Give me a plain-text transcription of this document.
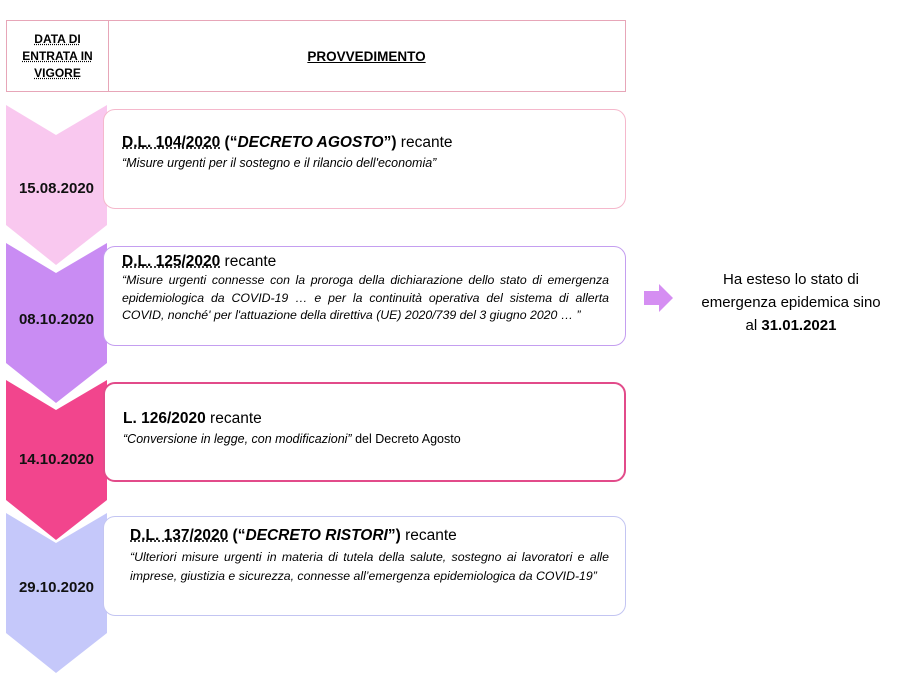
DATA DI
ENTRATA IN
VIGORE
PROVVEDIMENTO
15.08.2020
D.L. 104/2020 (“DECRETO AGOSTO”) recante
“Misure urgenti per il sostegno e il rilancio dell'economia”
08.10.2020
D.L. 125/2020 recante
“Misure urgenti connesse con la proroga della dichiarazione dello stato di emergenza epidemiologica da COVID-19 … e per la continuità operativa del sistema di allerta COVID, nonché' per l'attuazione della direttiva (UE) 2020/739 del 3 giugno 2020 … ”
14.10.2020
L. 126/2020 recante
“Conversione in legge, con modificazioni” del Decreto Agosto
29.10.2020
D.L. 137/2020 (“DECRETO RISTORI”) recante
“Ulteriori misure urgenti in materia di tutela della salute, sostegno ai lavoratori e alle imprese, giustizia e sicurezza, connesse all’emergenza epidemiologica da COVID-19”
Ha esteso lo stato di
emergenza epidemica sino
al 31.01.2021
